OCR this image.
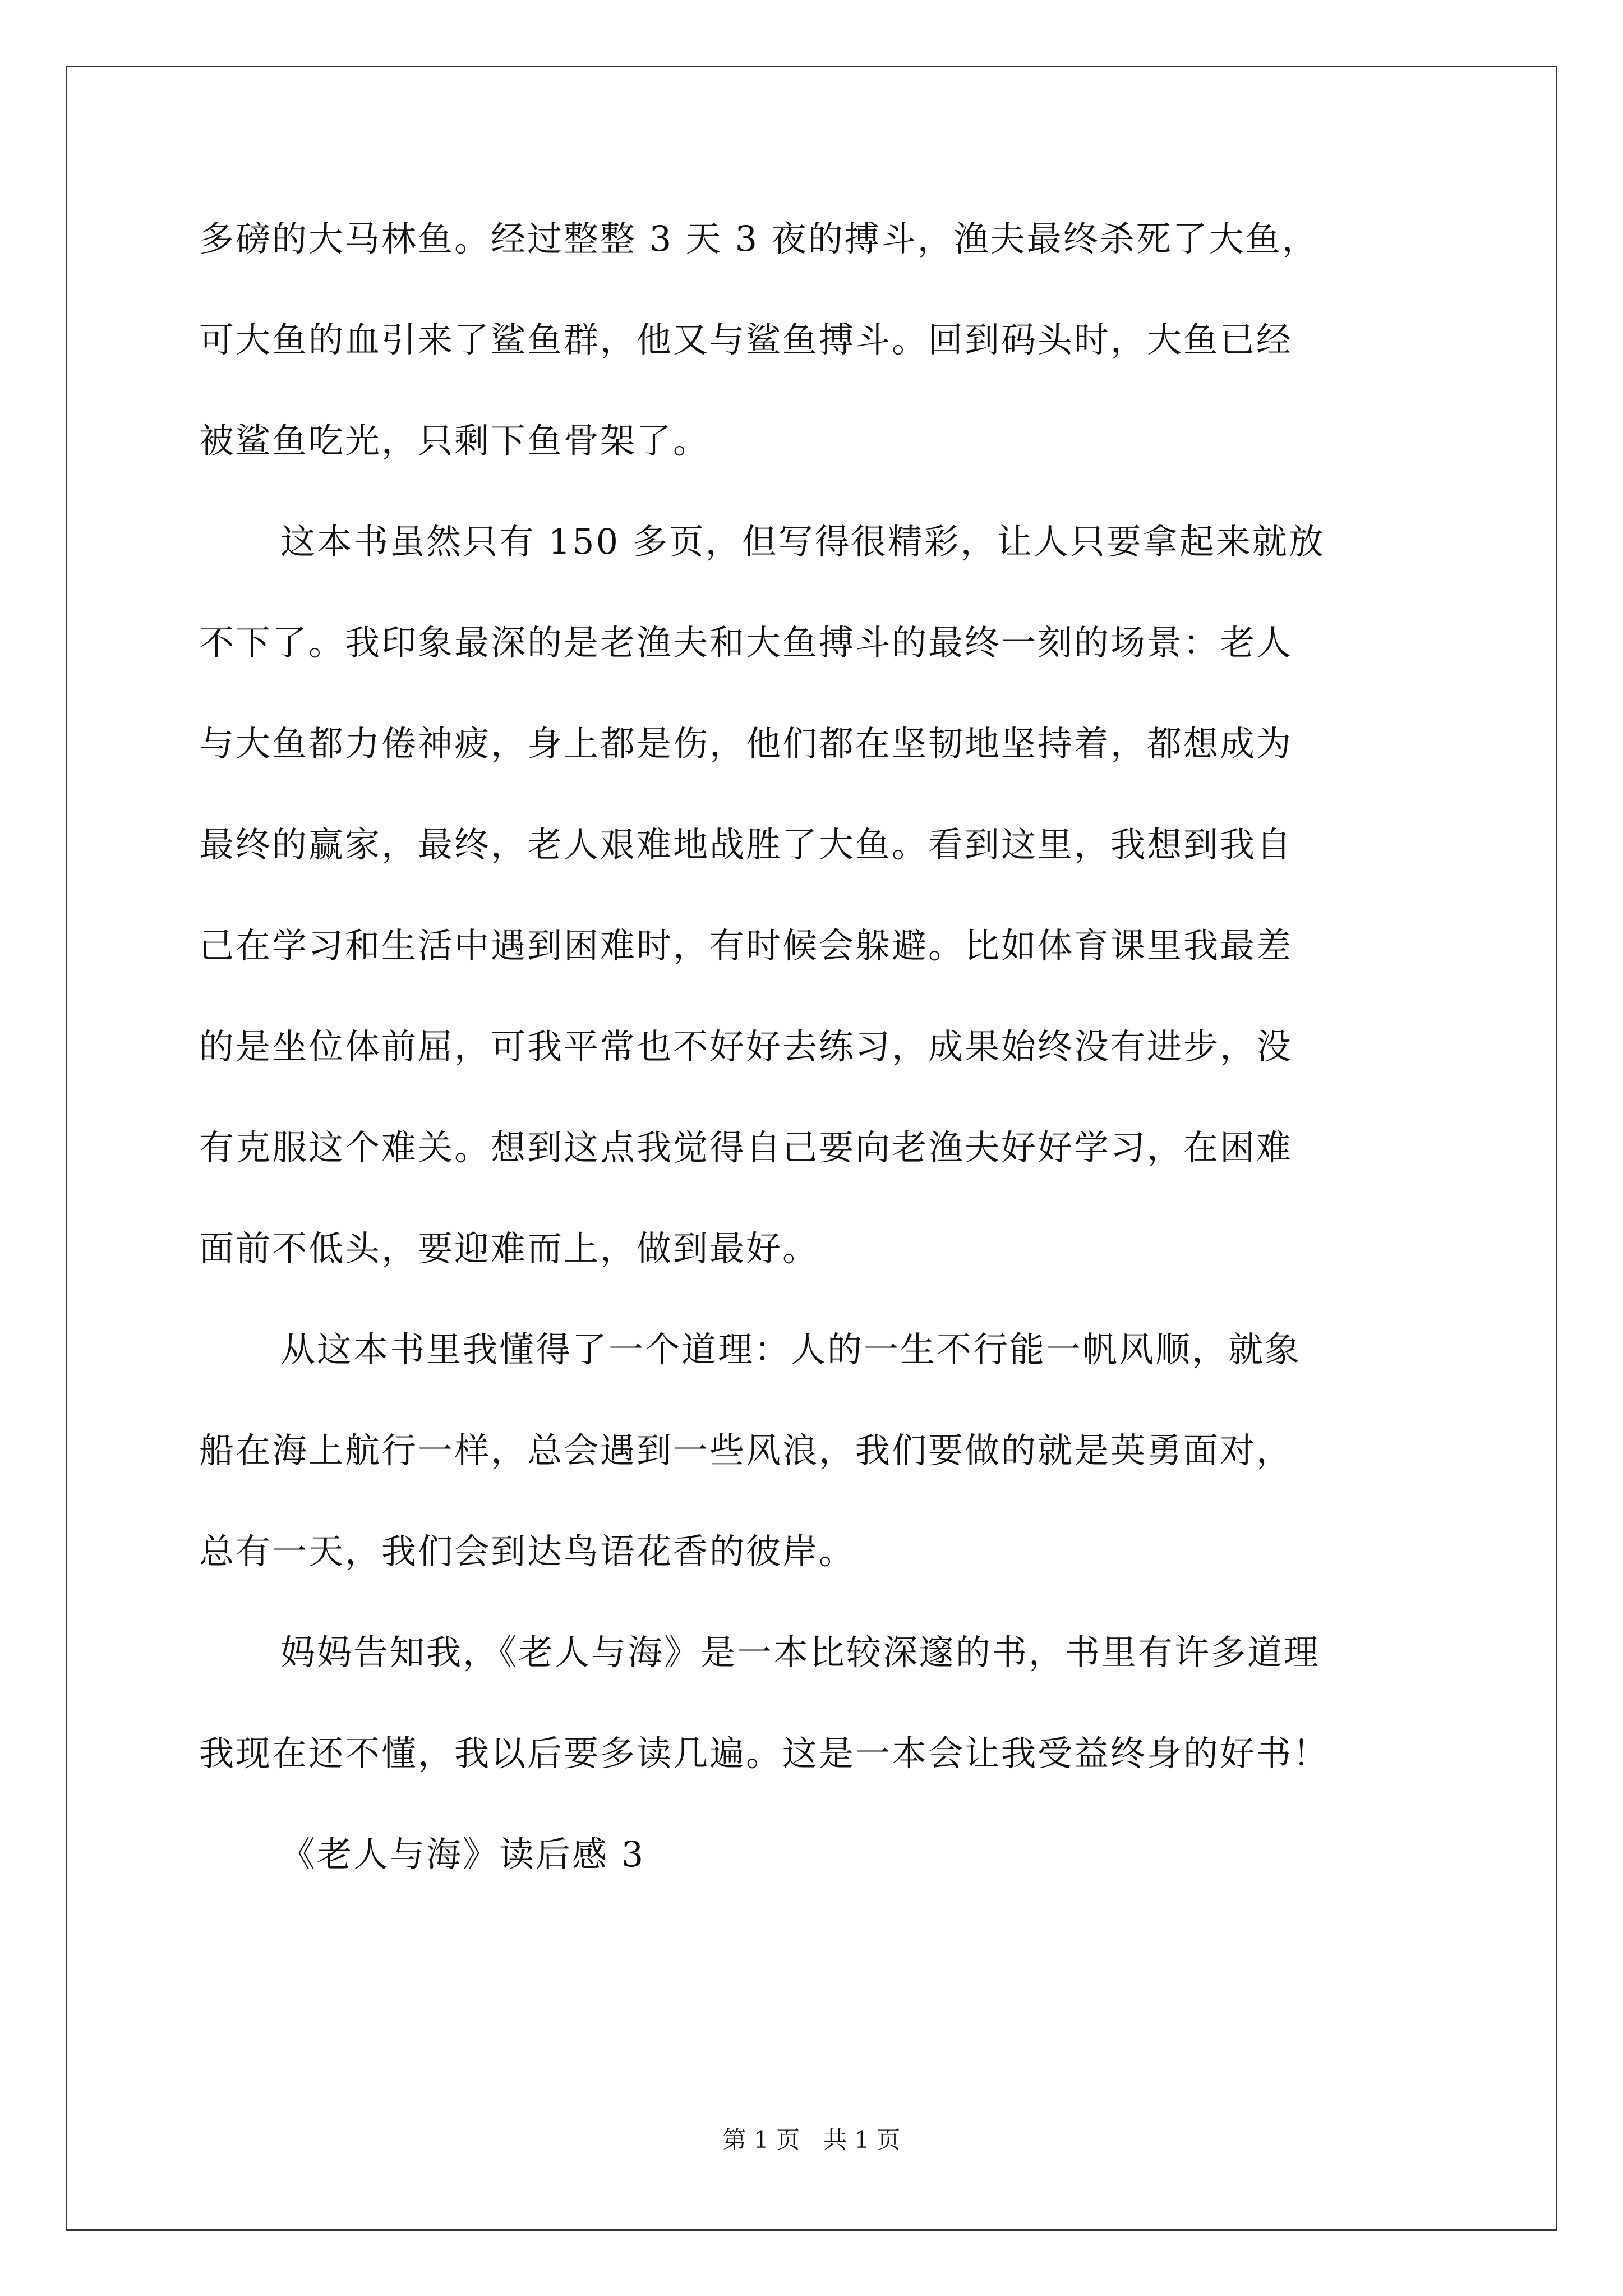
多磅的大马林鱼。经过整整 3 天 3 夜的搏斗，渔夫最终杀死了大鱼，
可大鱼的血引来了鲨鱼群，他又与鲨鱼搏斗。回到码头时，大鱼已经
被鲨鱼吃光，只剩下鱼骨架了。
这本书虽然只有 150 多页，但写得很精彩，让人只要拿起来就放
不下了。我印象最深的是老渔夫和大鱼搏斗的最终一刻的场景：老人
与大鱼都力倦神疲，身上都是伤，他们都在坚韧地坚持着，都想成为
最终的赢家，最终，老人艰难地战胜了大鱼。看到这里，我想到我自
己在学习和生活中遇到困难时，有时候会躲避。比如体育课里我最差
的是坐位体前屈，可我平常也不好好去练习，成果始终没有进步，没
有克服这个难关。想到这点我觉得自己要向老渔夫好好学习，在困难
面前不低头，要迎难而上，做到最好。
从这本书里我懂得了一个道理：人的一生不行能一帆风顺，就象
船在海上航行一样，总会遇到一些风浪，我们要做的就是英勇面对，
总有一天，我们会到达鸟语花香的彼岸。
妈妈告知我，《老人与海》是一本比较深邃的书，书里有许多道理
我现在还不懂，我以后要多读几遍。这是一本会让我受益终身的好书！
《老人与海》读后感 3
第 1 页　共 1 页
